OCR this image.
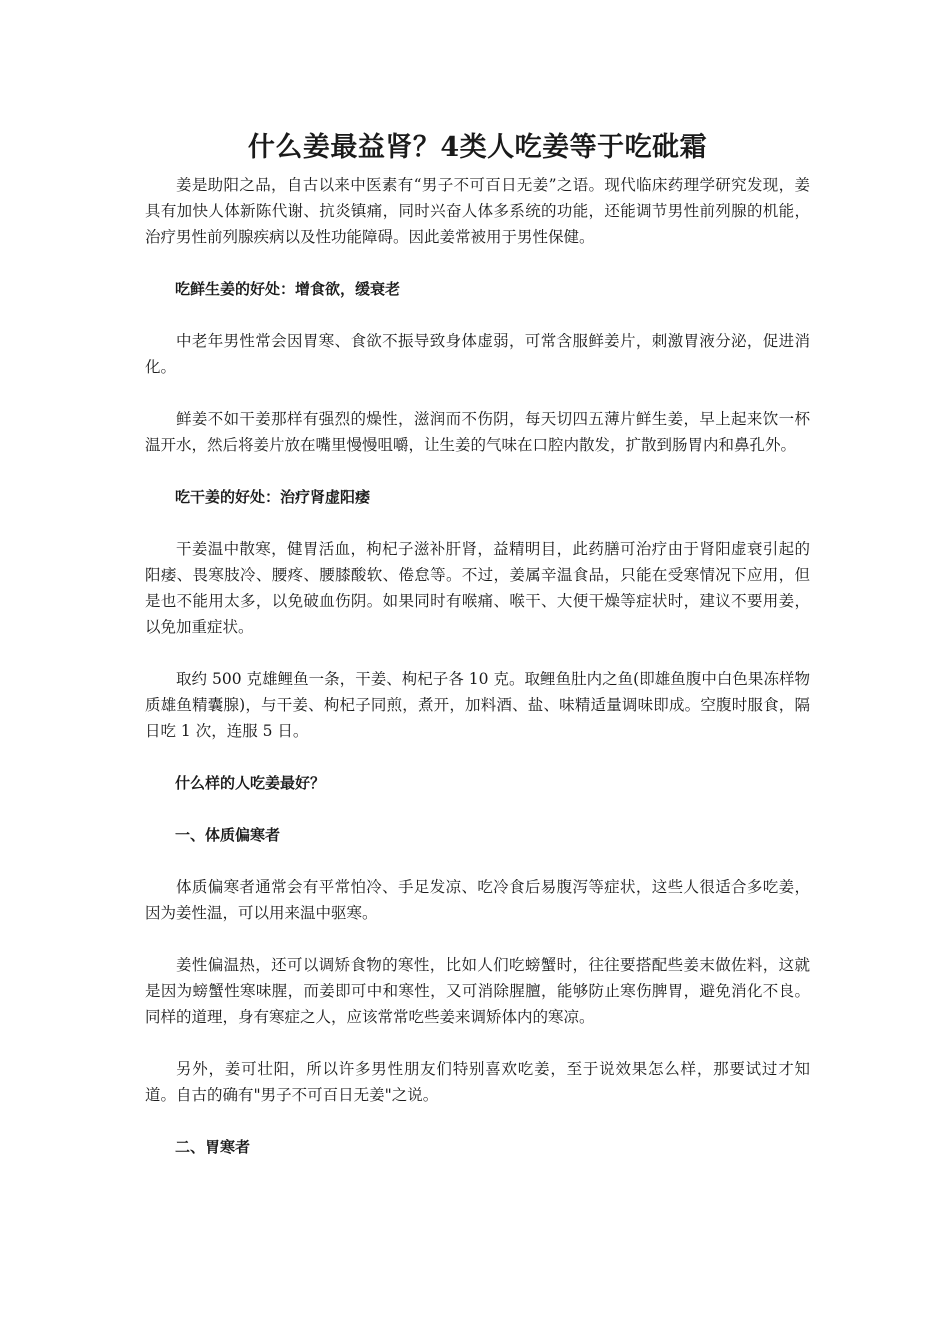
什么姜最益肾？4类人吃姜等于吃砒霜

姜是助阳之品，自古以来中医素有“男子不可百日无姜”之语。现代临床药理学研究发现，姜具有加快人体新陈代谢、抗炎镇痛，同时兴奋人体多系统的功能，还能调节男性前列腺的机能，治疗男性前列腺疾病以及性功能障碍。因此姜常被用于男性保健。

吃鲜生姜的好处：增食欲，缓衰老

中老年男性常会因胃寒、食欲不振导致身体虚弱，可常含服鲜姜片，刺激胃液分泌，促进消化。

鲜姜不如干姜那样有强烈的燥性，滋润而不伤阴，每天切四五薄片鲜生姜，早上起来饮一杯温开水，然后将姜片放在嘴里慢慢咀嚼，让生姜的气味在口腔内散发，扩散到肠胃内和鼻孔外。

吃干姜的好处：治疗肾虚阳痿

干姜温中散寒，健胃活血，枸杞子滋补肝肾，益精明目，此药膳可治疗由于肾阳虚衰引起的阳痿、畏寒肢冷、腰疼、腰膝酸软、倦怠等。不过，姜属辛温食品，只能在受寒情况下应用，但是也不能用太多，以免破血伤阴。如果同时有喉痛、喉干、大便干燥等症状时，建议不要用姜，以免加重症状。

取约 500 克雄鲤鱼一条，干姜、枸杞子各 10 克。取鲤鱼肚内之鱼(即雄鱼腹中白色果冻样物质雄鱼精囊腺)，与干姜、枸杞子同煎，煮开，加料酒、盐、味精适量调味即成。空腹时服食，隔日吃 1 次，连服 5 日。

什么样的人吃姜最好？

一、体质偏寒者

体质偏寒者通常会有平常怕冷、手足发凉、吃冷食后易腹泻等症状，这些人很适合多吃姜，因为姜性温，可以用来温中驱寒。

姜性偏温热，还可以调矫食物的寒性，比如人们吃螃蟹时，往往要搭配些姜末做佐料，这就是因为螃蟹性寒味腥，而姜即可中和寒性，又可消除腥膻，能够防止寒伤脾胃，避免消化不良。同样的道理，身有寒症之人，应该常常吃些姜来调矫体内的寒凉。

另外，姜可壮阳，所以许多男性朋友们特别喜欢吃姜，至于说效果怎么样，那要试过才知道。自古的确有"男子不可百日无姜"之说。

二、胃寒者
